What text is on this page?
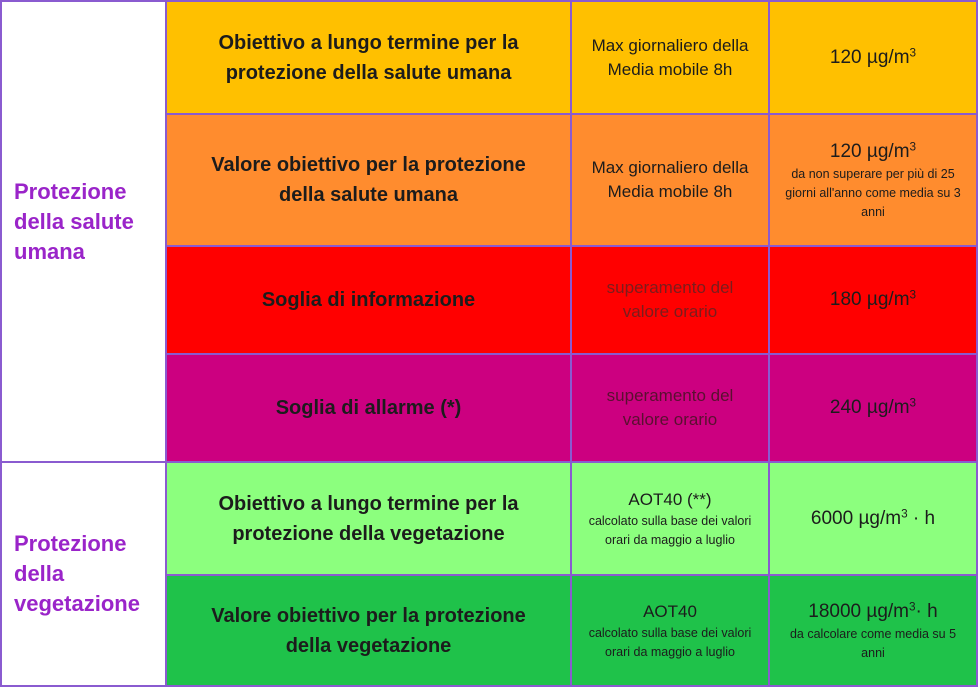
Protezione della salute umana
Obiettivo a lungo termine per la protezione della salute umana
Max giornaliero della Media mobile 8h
120 $\mu g/m^3$
Valore obiettivo per la protezione della salute umana
Max giornaliero della Media mobile 8h
120 $\mu g/m^3$
da non superare per più di 25 giorni all'anno come media su 3 anni
Soglia di informazione
superamento del valore orario
180 $\mu g/m^3$
Soglia di allarme (*)
superamento del valore orario
240 $\mu g/m^3$
Protezione della vegetazione
Obiettivo a lungo termine per la protezione della vegetazione
AOT40 (**)
calcolato sulla base dei valori orari da maggio a luglio
6000 $\mu g/m^3 \cdot h$
Valore obiettivo per la protezione della vegetazione
AOT40
calcolato sulla base dei valori orari da maggio a luglio
18000 $\mu g/m^3\cdot h$
da calcolare come media su 5 anni
